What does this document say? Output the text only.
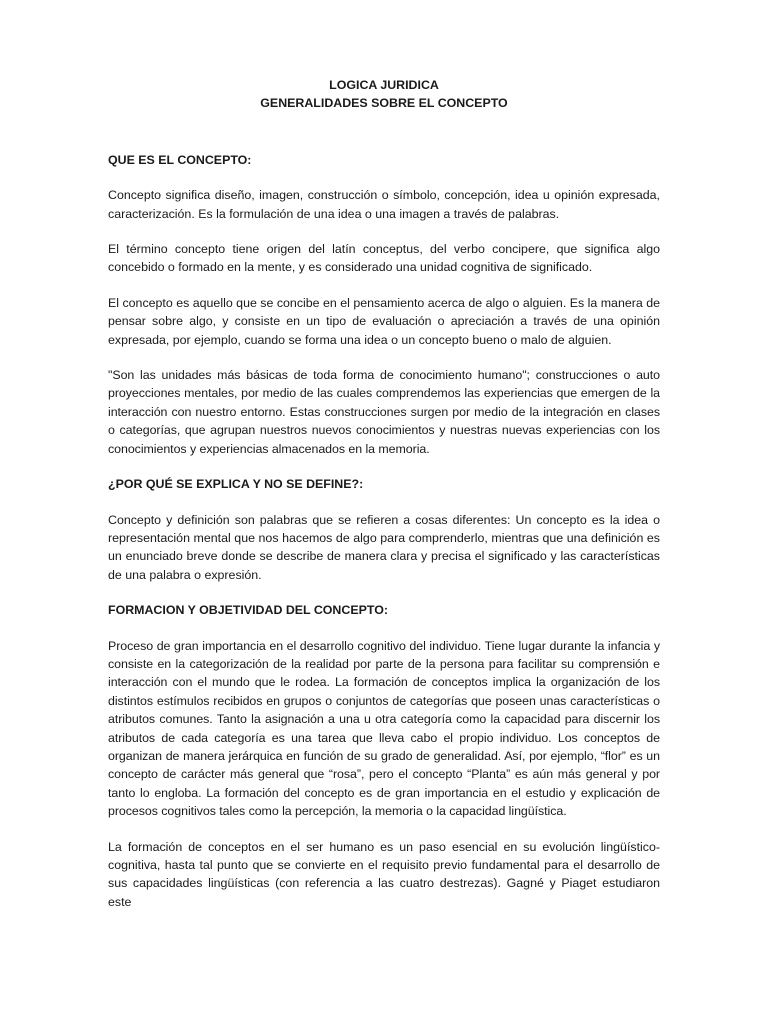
LOGICA JURIDICA
GENERALIDADES SOBRE EL CONCEPTO
QUE ES EL CONCEPTO:

Concepto significa diseño, imagen, construcción o símbolo, concepción, idea u opinión expresada, caracterización. Es la formulación de una idea o una imagen a través de palabras.

El término concepto tiene origen del latín conceptus, del verbo concipere, que significa algo concebido o formado en la mente, y es considerado una unidad cognitiva de significado.

El concepto es aquello que se concibe en el pensamiento acerca de algo o alguien. Es la manera de pensar sobre algo, y consiste en un tipo de evaluación o apreciación a través de una opinión expresada, por ejemplo, cuando se forma una idea o un concepto bueno o malo de alguien.

"Son las unidades más básicas de toda forma de conocimiento humano"; construcciones o auto proyecciones mentales, por medio de las cuales comprendemos las experiencias que emergen de la interacción con nuestro entorno. Estas construcciones surgen por medio de la integración en clases o categorías, que agrupan nuestros nuevos conocimientos y nuestras nuevas experiencias con los conocimientos y experiencias almacenados en la memoria.

¿POR QUÉ SE EXPLICA Y NO SE DEFINE?:

Concepto y definición son palabras que se refieren a cosas diferentes: Un concepto es la idea o representación mental que nos hacemos de algo para comprenderlo, mientras que una definición es un enunciado breve donde se describe de manera clara y precisa el significado y las características de una palabra o expresión.

FORMACION Y OBJETIVIDAD DEL CONCEPTO:

Proceso de gran importancia en el desarrollo cognitivo del individuo. Tiene lugar durante la infancia y consiste en la categorización de la realidad por parte de la persona para facilitar su comprensión e interacción con el mundo que le rodea. La formación de conceptos implica la organización de los distintos estímulos recibidos en grupos o conjuntos de categorías que poseen unas características o atributos comunes. Tanto la asignación a una u otra categoría como la capacidad para discernir los atributos de cada categoría es una tarea que lleva cabo el propio individuo. Los conceptos de organizan de manera jerárquica en función de su grado de generalidad. Así, por ejemplo, “flor” es un concepto de carácter más general que “rosa”, pero el concepto “Planta” es aún más general y por tanto lo engloba. La formación del concepto es de gran importancia en el estudio y explicación de procesos cognitivos tales como la percepción, la memoria o la capacidad lingüística.

La formación de conceptos en el ser humano es un paso esencial en su evolución lingüístico-cognitiva, hasta tal punto que se convierte en el requisito previo fundamental para el desarrollo de sus capacidades lingüísticas (con referencia a las cuatro destrezas). Gagné y Piaget estudiaron este
